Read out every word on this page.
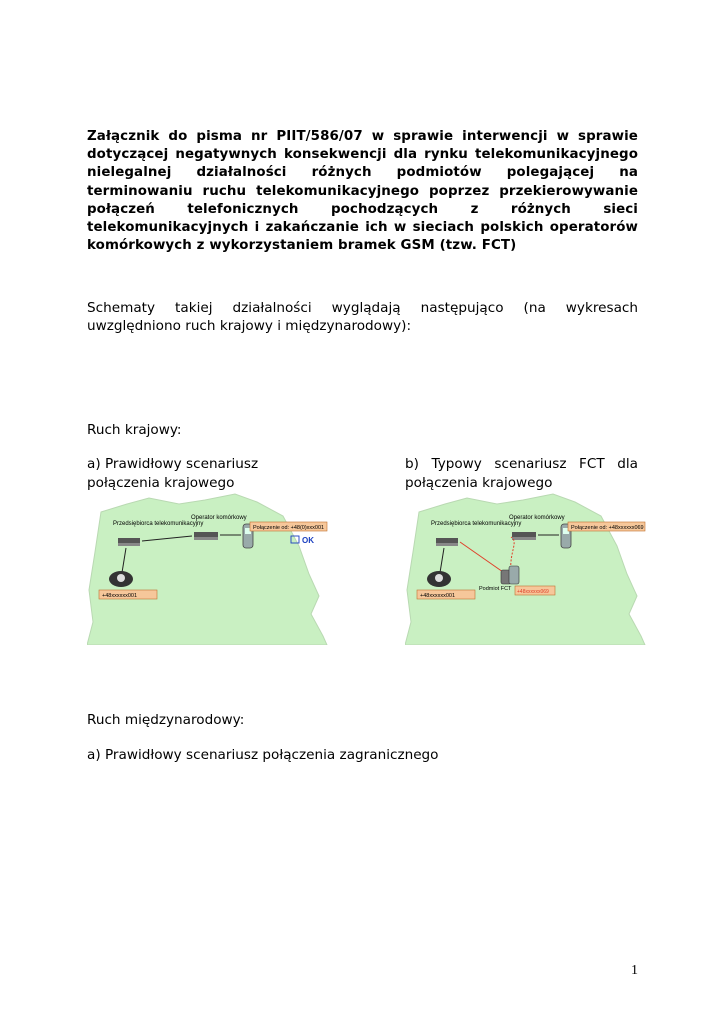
Załącznik do pisma nr PIIT/586/07 w sprawie interwencji w sprawie dotyczącej negatywnych konsekwencji dla rynku telekomunikacyjnego nielegalnej działalności różnych podmiotów polegającej na terminowaniu ruchu telekomunikacyjnego poprzez przekierowywanie połączeń telefonicznych pochodzących z różnych sieci telekomunikacyjnych i zakańczanie ich w sieciach polskich operatorów komórkowych z wykorzystaniem bramek GSM (tzw. FCT)
Schematy takiej działalności wyglądają następująco (na wykresach uwzględniono ruch krajowy i międzynarodowy):
Ruch krajowy:
a) Prawidłowy scenariusz połączenia krajowego
b) Typowy scenariusz FCT dla połączenia krajowego
Przedsiębiorca telekomunikacyjny
Operator komórkowy
Połączenie od: +48(0)xxx001
OK
+48xxxxxx001
Przedsiębiorca telekomunikacyjny
Operator komórkowy
Połączenie od: +48xxxxxx069
Podmiot FCT +48xxxxxx069
+48xxxxxx001
Ruch międzynarodowy:
a) Prawidłowy scenariusz połączenia zagranicznego
1
